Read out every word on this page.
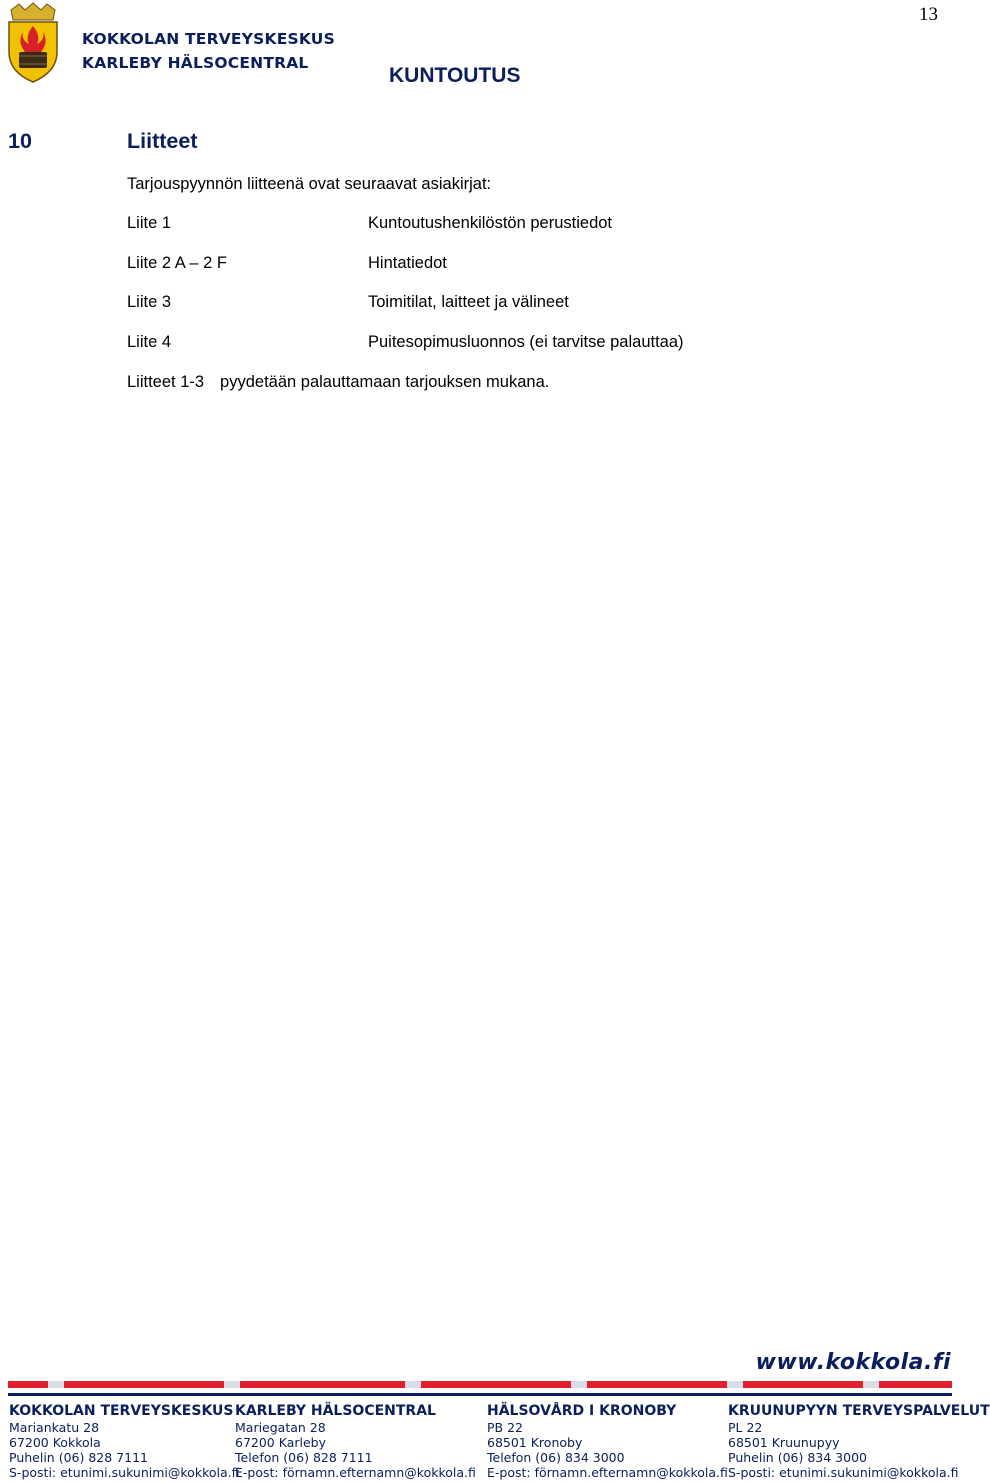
13
KOKKOLAN TERVEYSKESKUS
KARLEBY HÄLSOCENTRAL
KUNTOUTUS
10	Liitteet
Tarjouspyynnön liitteenä ovat seuraavat asiakirjat:
Liite 1	Kuntoutushenkilöstön perustiedot
Liite 2 A – 2 F	Hintatiedot
Liite 3	Toimitilat, laitteet ja välineet
Liite 4	Puitesopimusluonnos (ei tarvitse palauttaa)
Liitteet 1-3 pyydetään palauttamaan tarjouksen mukana.
www.kokkola.fi
KOKKOLAN TERVEYSKESKUS
Mariankatu 28
67200 Kokkola
Puhelin (06) 828 7111
S-posti: etunimi.sukunimi@kokkola.fi
KARLEBY HÄLSOCENTRAL
Mariegatan 28
67200 Karleby
Telefon (06) 828 7111
E-post: förnamn.efternamn@kokkola.fi
HÄLSOVÅRD I KRONOBY
PB 22
68501 Kronoby
Telefon (06) 834 3000
E-post: förnamn.efternamn@kokkola.fi
KRUUNUPYYN TERVEYSPALVELUT
PL 22
68501 Kruunupyy
Puhelin (06) 834 3000
S-posti: etunimi.sukunimi@kokkola.fi
